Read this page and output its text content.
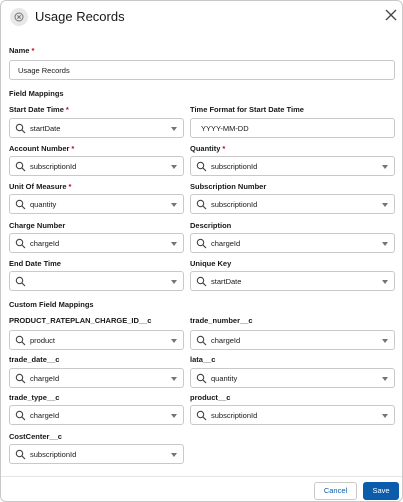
Usage Records
Name *
Usage Records
Field Mappings
Start Date Time *
startDate
Time Format for Start Date Time
YYYY-MM-DD
Account Number *
subscriptionId
Quantity *
subscriptionId
Unit Of Measure *
quantity
Subscription Number
subscriptionId
Charge Number
chargeId
Description
chargeId
End Date Time	Unique Key
startDate
Custom Field Mappings
PRODUCT_RATEPLAN_CHARGE_ID__c
product
trade_number__c
chargeId
trade_date__c
chargeId
lata__c
quantity
trade_type__c
chargeId
product__c
subscriptionId
CostCenter__c
subscriptionId
Cancel	Save
